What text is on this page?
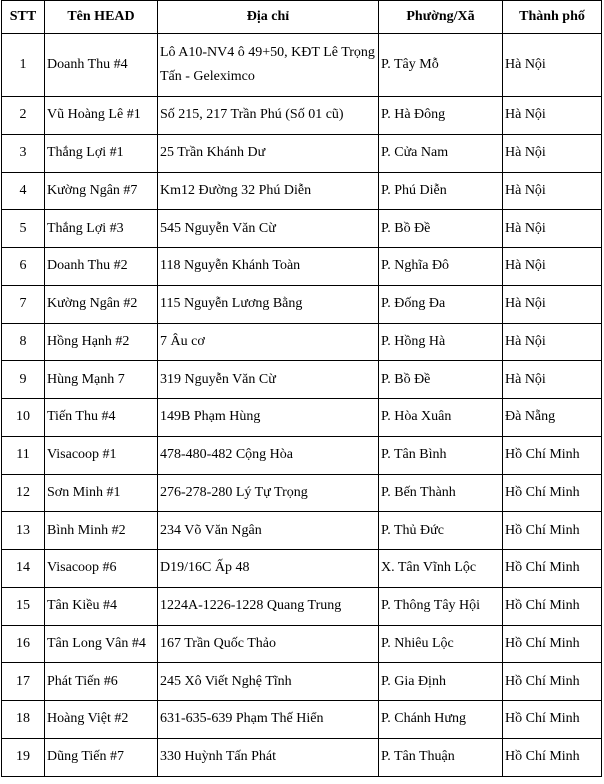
STT	Tên HEAD	Địa chỉ	Phường/Xã	Thành phố
1	Doanh Thu #4	Lô A10-NV4 ô 49+50, KĐT Lê Trọng Tấn - Geleximco	P. Tây Mỗ	Hà Nội
2	Vũ Hoàng Lê #1	Số 215, 217 Trần Phú (Số 01 cũ)	P. Hà Đông	Hà Nội
3	Thắng Lợi #1	25 Trần Khánh Dư	P. Cửa Nam	Hà Nội
4	Kường Ngân #7	Km12 Đường 32 Phú Diễn	P. Phú Diễn	Hà Nội
5	Thắng Lợi #3	545 Nguyễn Văn Cừ	P. Bồ Đề	Hà Nội
6	Doanh Thu #2	118 Nguyễn Khánh Toàn	P. Nghĩa Đô	Hà Nội
7	Kường Ngân #2	115 Nguyễn Lương Bằng	P. Đống Đa	Hà Nội
8	Hồng Hạnh #2	7 Âu cơ	P. Hồng Hà	Hà Nội
9	Hùng Mạnh 7	319 Nguyễn Văn Cừ	P. Bồ Đề	Hà Nội
10	Tiến Thu #4	149B Phạm Hùng	P. Hòa Xuân	Đà Nẵng
11	Visacoop #1	478-480-482 Cộng Hòa	P. Tân Bình	Hồ Chí Minh
12	Sơn Minh #1	276-278-280 Lý Tự Trọng	P. Bến Thành	Hồ Chí Minh
13	Bình Minh #2	234 Võ Văn Ngân	P. Thủ Đức	Hồ Chí Minh
14	Visacoop #6	D19/16C Ấp 48	X. Tân Vĩnh Lộc	Hồ Chí Minh
15	Tân Kiều #4	1224A-1226-1228 Quang Trung	P. Thông Tây Hội	Hồ Chí Minh
16	Tân Long Vân #4	167 Trần Quốc Thảo	P. Nhiêu Lộc	Hồ Chí Minh
17	Phát Tiến #6	245 Xô Viết Nghệ Tĩnh	P. Gia Định	Hồ Chí Minh
18	Hoàng Việt #2	631-635-639 Phạm Thế Hiển	P. Chánh Hưng	Hồ Chí Minh
19	Dũng Tiến #7	330 Huỳnh Tấn Phát	P. Tân Thuận	Hồ Chí Minh
